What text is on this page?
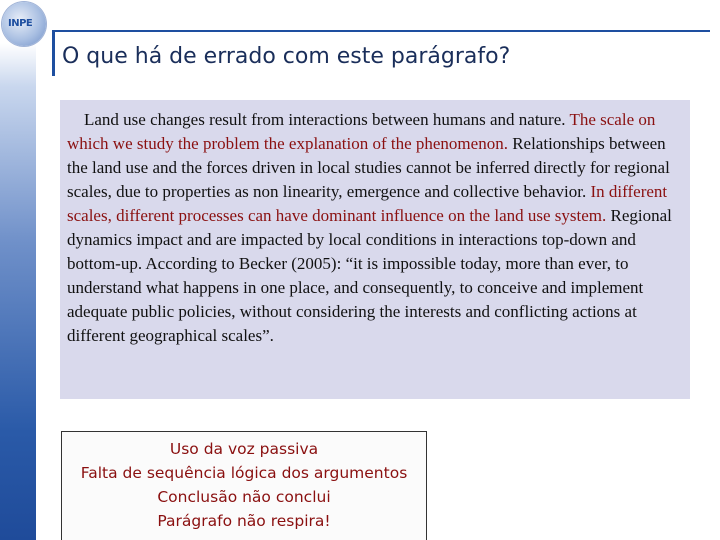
INPE
O que há de errado com este parágrafo?

Land use changes result from interactions between humans and nature. The scale on which we study the problem the explanation of the phenomenon. Relationships between the land use and the forces driven in local studies cannot be inferred directly for regional scales, due to properties as non linearity, emergence and collective behavior. In different scales, different processes can have dominant influence on the land use system. Regional dynamics impact and are impacted by local conditions in interactions top-down and bottom-up. According to Becker (2005): “it is impossible today, more than ever, to understand what happens in one place, and consequently, to conceive and implement adequate public policies, without considering the interests and conflicting actions at different geographical scales”.

Uso da voz passiva
Falta de sequência lógica dos argumentos
Conclusão não conclui
Parágrafo não respira!
